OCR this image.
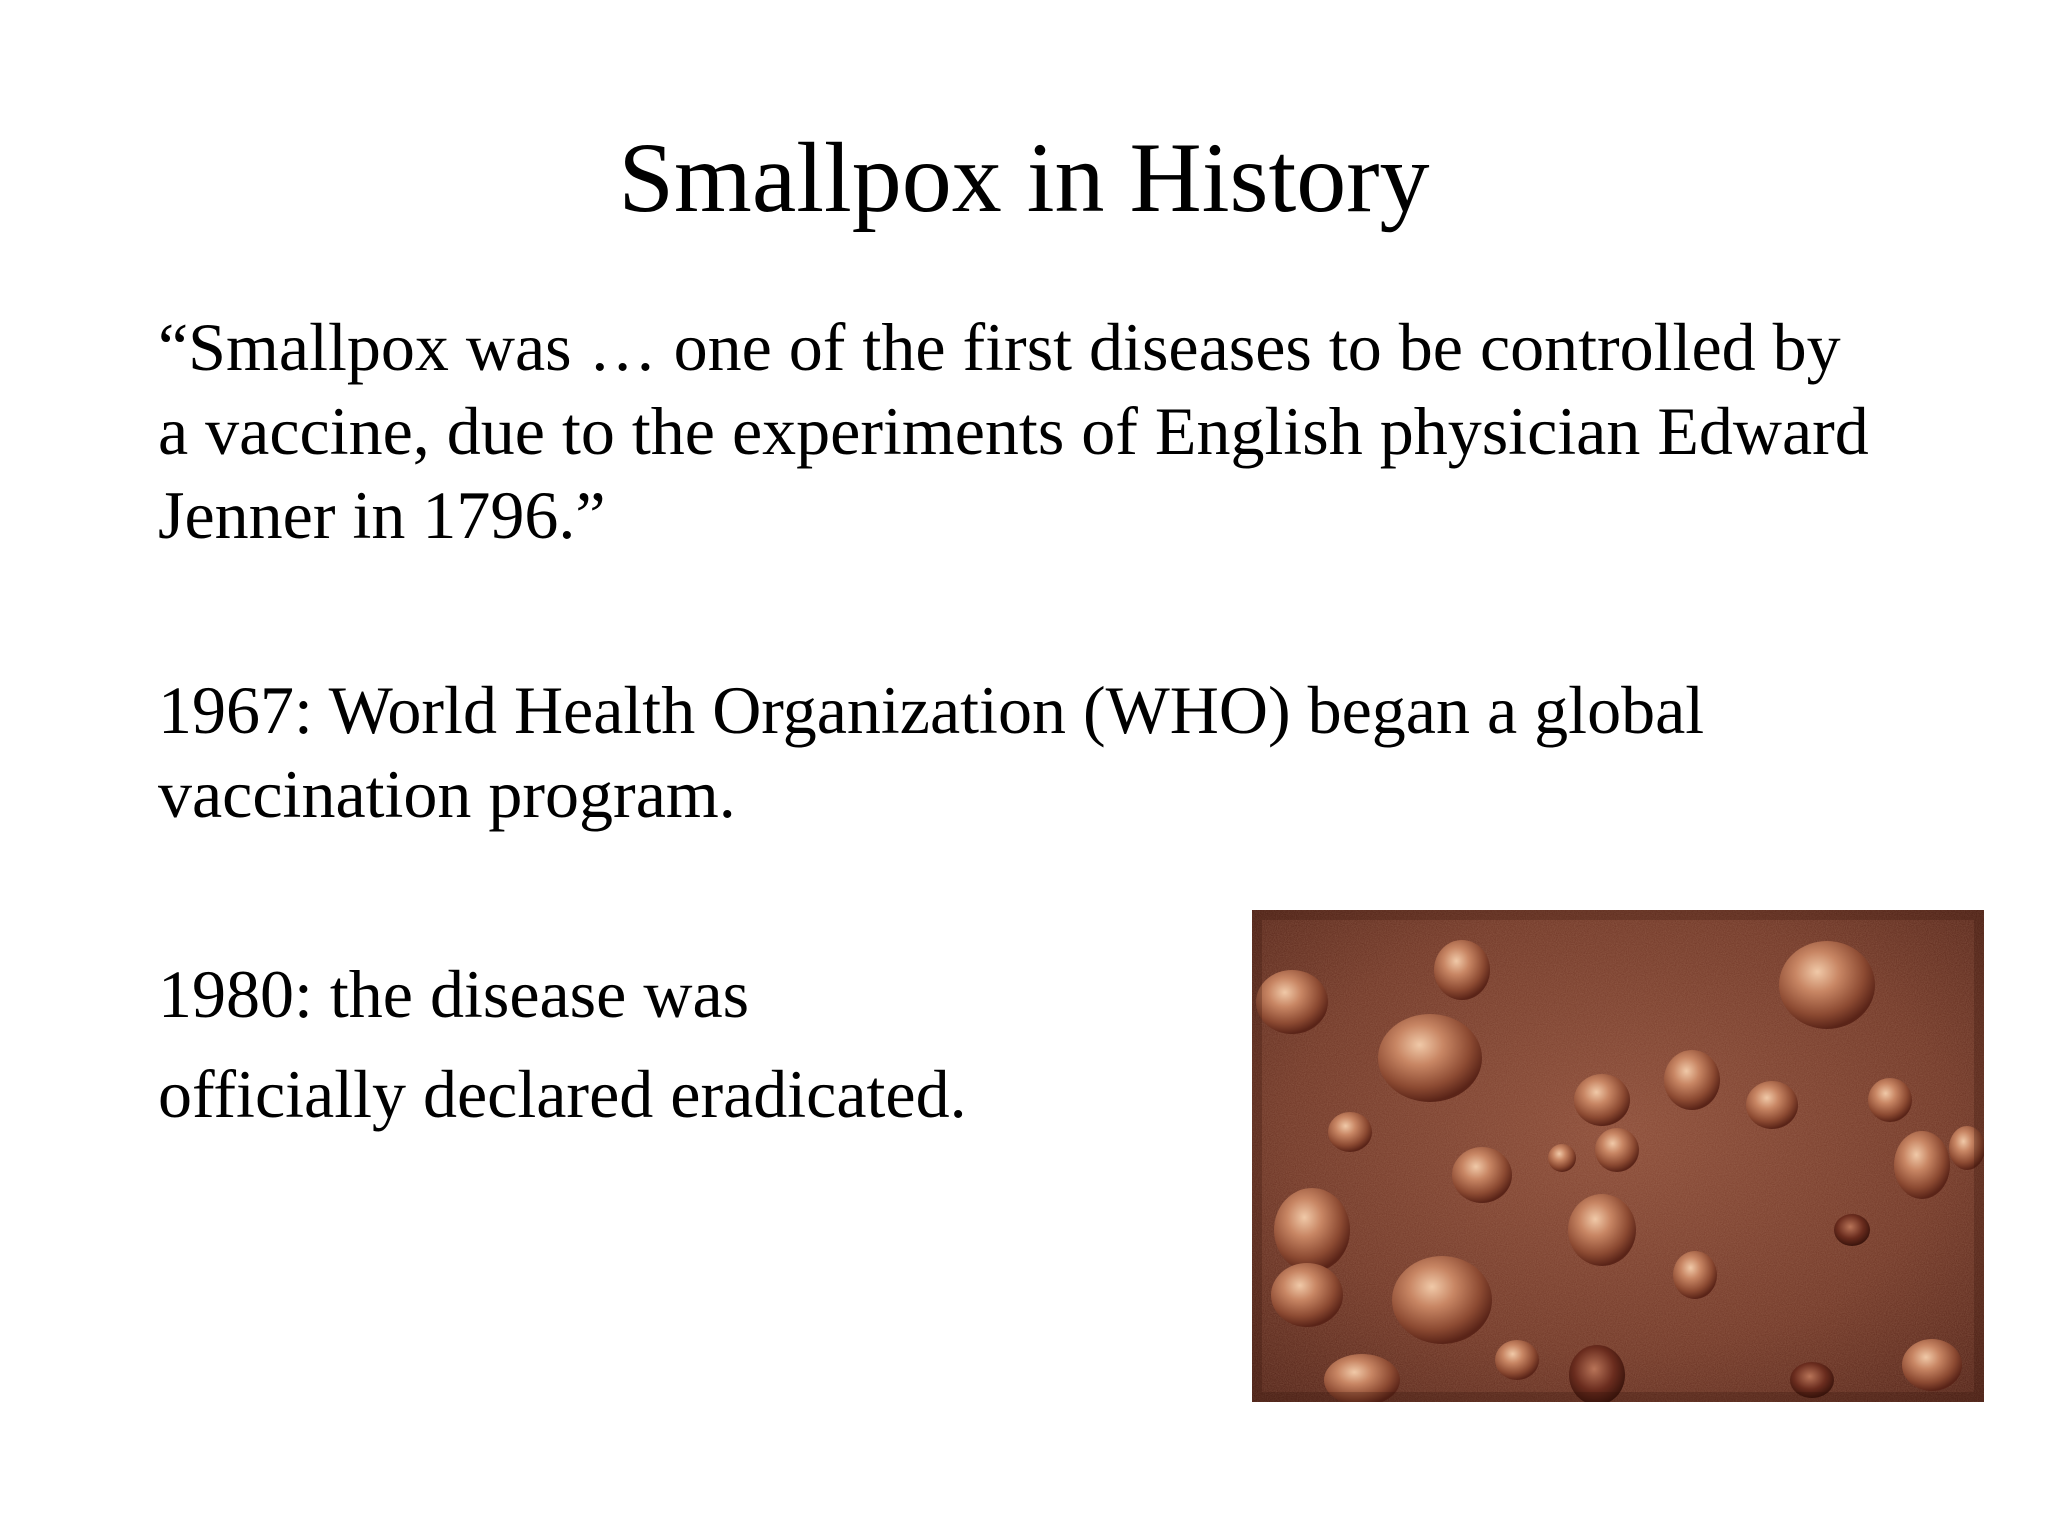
Smallpox in History
“Smallpox was … one of the first diseases to be controlled by
a vaccine, due to the experiments of English physician Edward
Jenner in 1796.”
1967: World Health Organization (WHO) began a global
vaccination program.
1980: the disease was
officially declared eradicated.
